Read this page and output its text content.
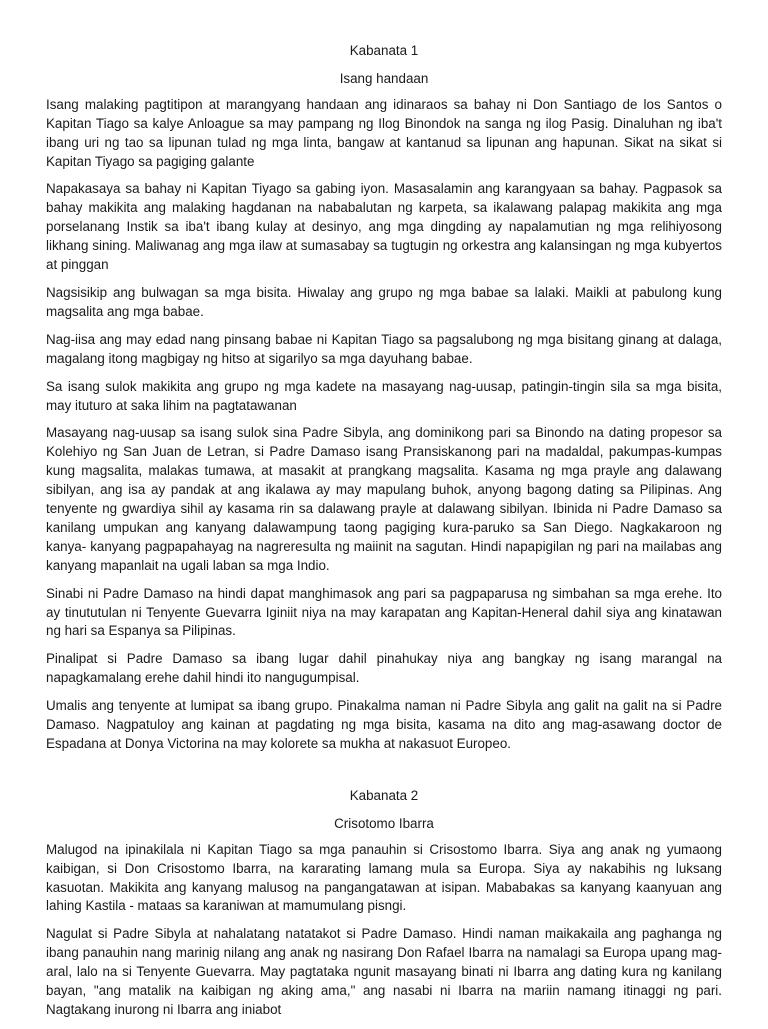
Kabanata 1
Isang handaan

Isang malaking pagtitipon at marangyang handaan ang idinaraos sa bahay ni Don Santiago de los Santos o Kapitan Tiago sa kalye Anloague sa may pampang ng Ilog Binondok na sanga ng ilog Pasig. Dinaluhan ng iba't ibang uri ng tao sa lipunan tulad ng mga linta, bangaw at kantanud sa lipunan ang hapunan. Sikat na sikat si Kapitan Tiyago sa pagiging galante

Napakasaya sa bahay ni Kapitan Tiyago sa gabing iyon. Masasalamin ang karangyaan sa bahay. Pagpasok sa bahay makikita ang malaking hagdanan na nababalutan ng karpeta, sa ikalawang palapag makikita ang mga porselanang Instik sa iba't ibang kulay at desinyo, ang mga dingding ay napalamutian ng mga relihiyosong likhang sining. Maliwanag ang mga ilaw at sumasabay sa tugtugin ng orkestra ang kalansingan ng mga kubyertos at pinggan

Nagsisikip ang bulwagan sa mga bisita. Hiwalay ang grupo ng mga babae sa lalaki. Maikli at pabulong kung magsalita ang mga babae.

Nag-iisa ang may edad nang pinsang babae ni Kapitan Tiago sa pagsalubong ng mga bisitang ginang at dalaga, magalang itong magbigay ng hitso at sigarilyo sa mga dayuhang babae.

Sa isang sulok makikita ang grupo ng mga kadete na masayang nag-uusap, patingin-tingin sila sa mga bisita, may ituturo at saka lihim na pagtatawanan

Masayang nag-uusap sa isang sulok sina Padre Sibyla, ang dominikong pari sa Binondo na dating propesor sa Kolehiyo ng San Juan de Letran, si Padre Damaso isang Pransiskanong pari na madaldal, pakumpas-kumpas kung magsalita, malakas tumawa, at masakit at prangkang magsalita. Kasama ng mga prayle ang dalawang sibilyan, ang isa ay pandak at ang ikalawa ay may mapulang buhok, anyong bagong dating sa Pilipinas. Ang tenyente ng gwardiya sihil ay kasama rin sa dalawang prayle at dalawang sibilyan. Ibinida ni Padre Damaso sa kanilang umpukan ang kanyang dalawampung taong pagiging kura-paruko sa San Diego. Nagkakaroon ng kanya- kanyang pagpapahayag na nagreresulta ng maiinit na sagutan. Hindi napapigilan ng pari na mailabas ang kanyang mapanlait na ugali laban sa mga Indio.

Sinabi ni Padre Damaso na hindi dapat manghimasok ang pari sa pagpaparusa ng simbahan sa mga erehe. Ito ay tinututulan ni Tenyente Guevarra Iginiit niya na may karapatan ang Kapitan-Heneral dahil siya ang kinatawan ng hari sa Espanya sa Pilipinas.

Pinalipat si Padre Damaso sa ibang lugar dahil pinahukay niya ang bangkay ng isang marangal na napagkamalang erehe dahil hindi ito nangugumpisal.

Umalis ang tenyente at lumipat sa ibang grupo. Pinakalma naman ni Padre Sibyla ang galit na galit na si Padre Damaso. Nagpatuloy ang kainan at pagdating ng mga bisita, kasama na dito ang mag-asawang doctor de Espadana at Donya Victorina na may kolorete sa mukha at nakasuot Europeo.

Kabanata 2
Crisotomo Ibarra

Malugod na ipinakilala ni Kapitan Tiago sa mga panauhin si Crisostomo Ibarra. Siya ang anak ng yumaong kaibigan, si Don Crisostomo Ibarra, na kararating lamang mula sa Europa. Siya ay nakabihis ng luksang kasuotan. Makikita ang kanyang malusog na pangangatawan at isipan. Mababakas sa kanyang kaanyuan ang lahing Kastila - mataas sa karaniwan at mamumulang pisngi.

Nagulat si Padre Sibyla at nahalatang natatakot si Padre Damaso. Hindi naman maikakaila ang paghanga ng ibang panauhin nang marinig nilang ang anak ng nasirang Don Rafael Ibarra na namalagi sa Europa upang mag-aral, lalo na si Tenyente Guevarra. May pagtataka ngunit masayang binati ni Ibarra ang dating kura ng kanilang bayan, "ang matalik na kaibigan ng aking ama," ang nasabi ni Ibarra na mariin namang itinaggi ng pari. Nagtakang inurong ni Ibarra ang iniabot
